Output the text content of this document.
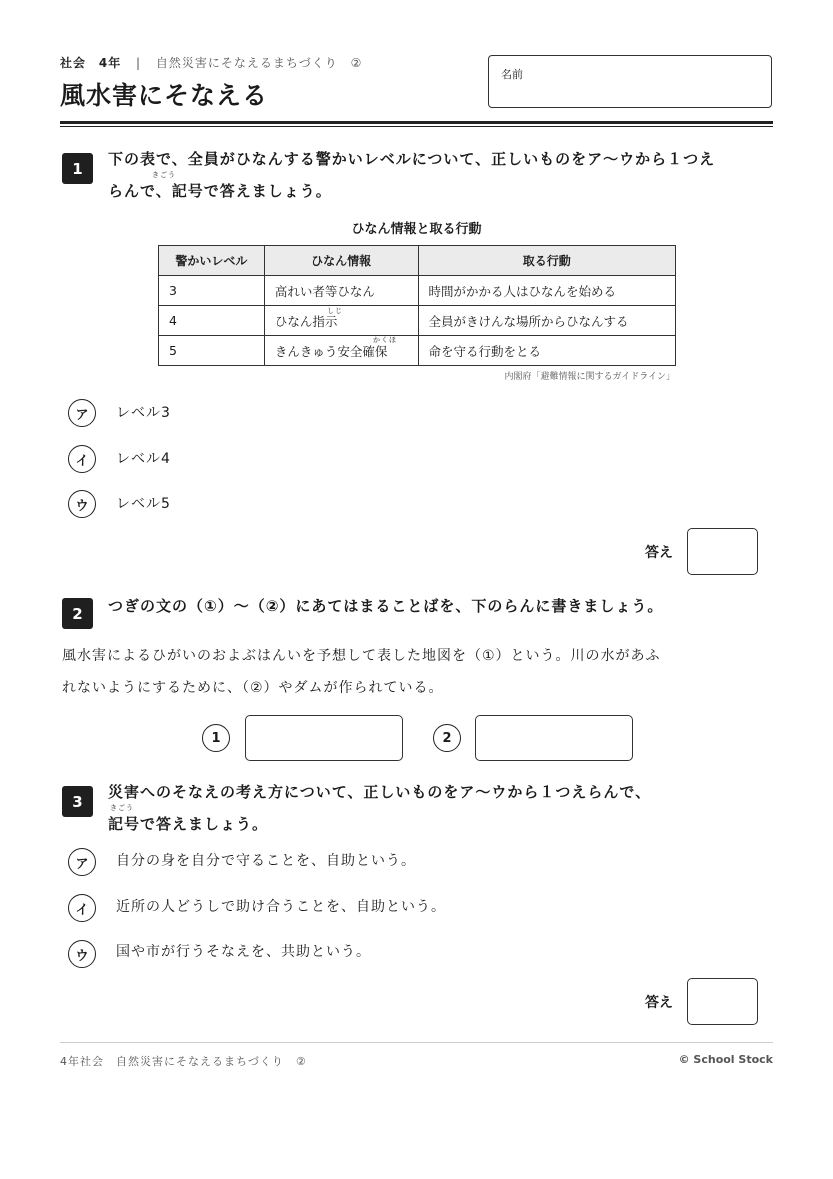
社会 4年 | 自然災害にそなえるまちづくり ②
風水害にそなえる
名前
1
下の表で、全員がひなんする警かいレベルについて、正しいものをア〜ウから１つえ
らんで、記号で答えましょう。
きごう
ひなん情報と取る行動
警かいレベル	ひなん情報	取る行動
3	高れい者等ひなん	時間がかかる人はひなんを始める
4	ひなん指示	全員がきけんな場所からひなんする
5	きんきゅう安全確保	命を守る行動をとる
しじ
かくほ
内閣府「避難情報に関するガイドライン」
ア	レベル3
イ	レベル4
ウ	レベル5
答え
2	つぎの文の（①）〜（②）にあてはまることばを、下のらんに書きましょう。
風水害によるひがいのおよぶはんいを予想して表した地図を（①）という。川の水があふ
れないようにするために、（②）やダムが作られている。
1	2
3
災害へのそなえの考え方について、正しいものをア〜ウから１つえらんで、
記号で答えましょう。
きごう
ア	自分の身を自分で守ることを、自助という。
イ	近所の人どうしで助け合うことを、自助という。
ウ	国や市が行うそなえを、共助という。
答え
4年社会　自然災害にそなえるまちづくり　②	© School Stock
